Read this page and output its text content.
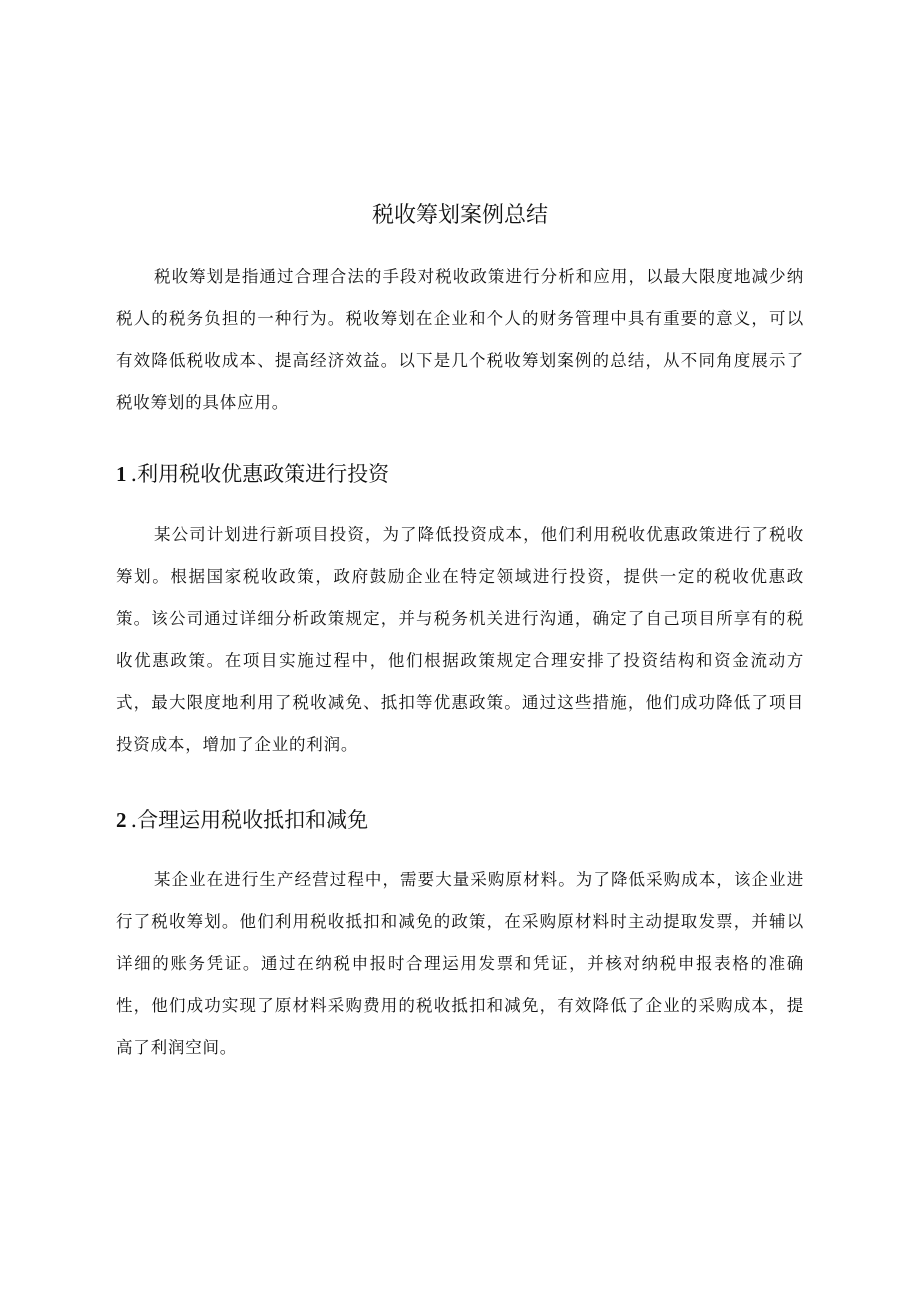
税收筹划案例总结

税收筹划是指通过合理合法的手段对税收政策进行分析和应用，以最大限度地减少纳税人的税务负担的一种行为。税收筹划在企业和个人的财务管理中具有重要的意义，可以有效降低税收成本、提高经济效益。以下是几个税收筹划案例的总结，从不同角度展示了税收筹划的具体应用。

1 .利用税收优惠政策进行投资

某公司计划进行新项目投资，为了降低投资成本，他们利用税收优惠政策进行了税收筹划。根据国家税收政策，政府鼓励企业在特定领域进行投资，提供一定的税收优惠政策。该公司通过详细分析政策规定，并与税务机关进行沟通，确定了自己项目所享有的税收优惠政策。在项目实施过程中，他们根据政策规定合理安排了投资结构和资金流动方式，最大限度地利用了税收减免、抵扣等优惠政策。通过这些措施，他们成功降低了项目投资成本，增加了企业的利润。

2 .合理运用税收抵扣和减免

某企业在进行生产经营过程中，需要大量采购原材料。为了降低采购成本，该企业进行了税收筹划。他们利用税收抵扣和减免的政策，在采购原材料时主动提取发票，并辅以详细的账务凭证。通过在纳税申报时合理运用发票和凭证，并核对纳税申报表格的准确性，他们成功实现了原材料采购费用的税收抵扣和减免，有效降低了企业的采购成本，提高了利润空间。
